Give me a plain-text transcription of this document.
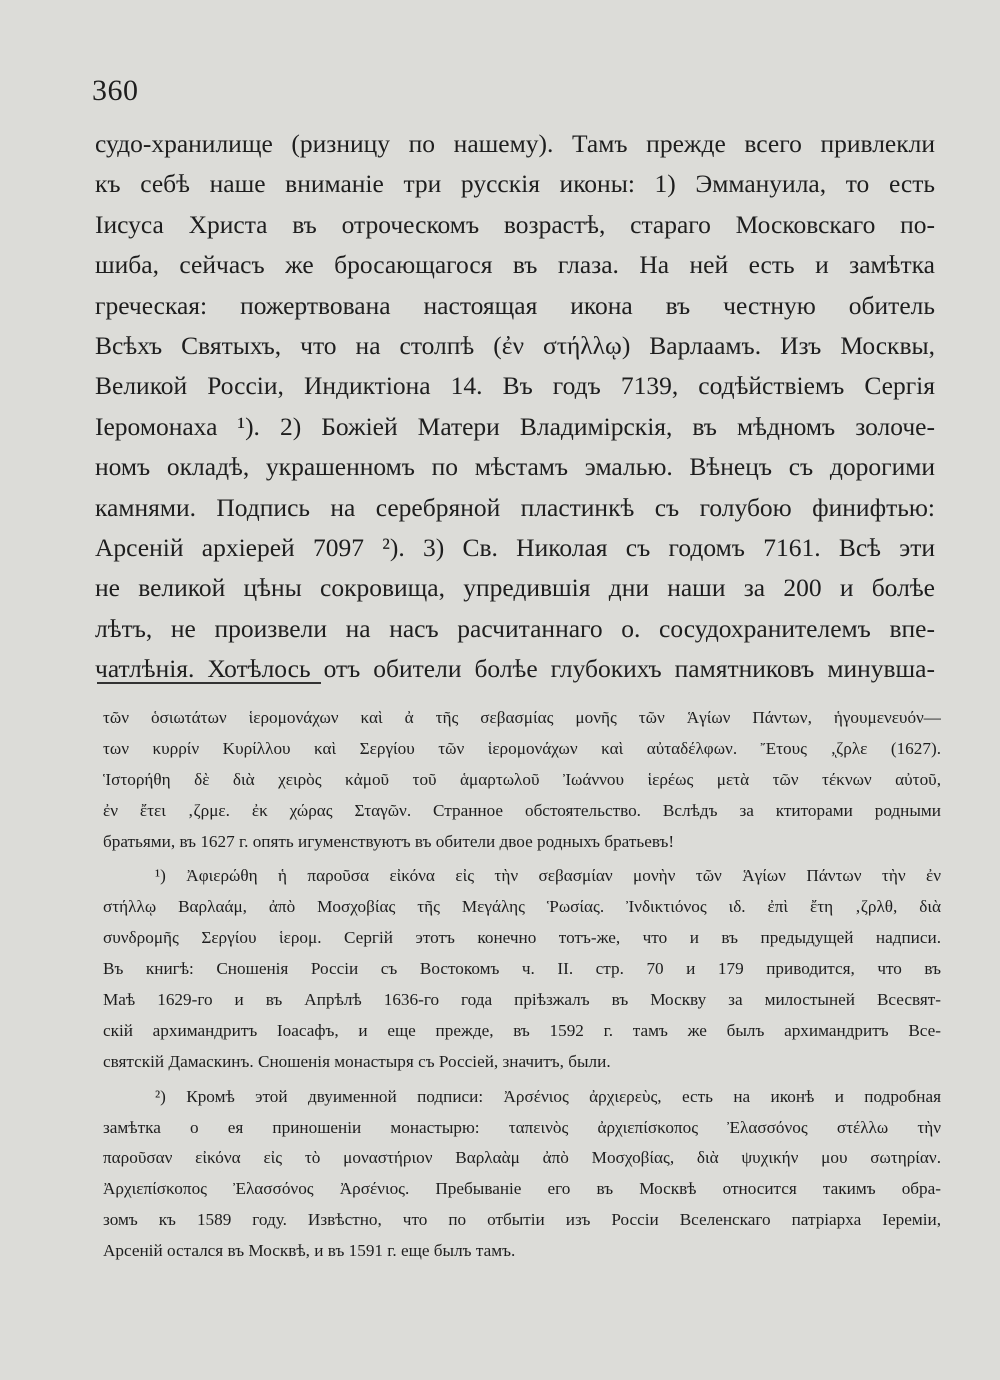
360
судо-хранилище (ризницу по нашему). Тамъ прежде всего привлекли
къ себѣ наше вниманіе три русскія иконы: 1) Эммануила, то есть
Іисуса Христа въ отроческомъ возрастѣ, стараго Московскаго по-
шиба, сейчасъ же бросающагося въ глаза. На ней есть и замѣтка
греческая: пожертвована настоящая икона въ честную обитель
Всѣхъ Святыхъ, что на столпѣ (ἐν στήλλῳ) Варлаамъ. Изъ Москвы,
Великой Россіи, Индиктіона 14. Въ годъ 7139, содѣйствіемъ Сергія
Іеромонаха ¹). 2) Божіей Матери Владимірскія, въ мѣдномъ золоче-
номъ окладѣ, украшенномъ по мѣстамъ эмалью. Вѣнецъ съ дорогими
камнями. Подпись на серебряной пластинкѣ съ голубою финифтью:
Арсеній архіерей 7097 ²). 3) Св. Николая съ годомъ 7161. Всѣ эти
не великой цѣны сокровища, упредившія дни наши за 200 и болѣе
лѣтъ, не произвели на насъ расчитаннаго о. сосудохранителемъ впе-
чатлѣнія. Хотѣлось отъ обители болѣе глубокихъ памятниковъ минувша-
τῶν ὁσιωτάτων ἱερομονάχων καὶ ἀ τῆς σεβασμίας μονῆς τῶν Ἁγίων Πάντων, ἡγουμενευόν—
των κυρρίν Κυρίλλου καὶ Σεργίου τῶν ἱερομονάχων καὶ αὐταδέλφων. Ἔτους ‚ͅζρλε (1627).
Ἱστορήθη δὲ διὰ χειρὸς κἀμοῦ τοῦ ἁμαρτωλοῦ Ἰωάννου ἱερέως μετὰ τῶν τέκνων αὐτοῦ,
ἐν ἔτει ‚ζρμε. ἐκ χώρας Σταγῶν. Странное обстоятельство. Вслѣдъ за ктиторами родными
братьями, въ 1627 г. опять игуменствуютъ въ обители двое родныхъ братьевъ!
¹) Ἀφιερώθη ἡ παροῦσα εἰκόνα εἰς τὴν σεβασμίαν μονὴν τῶν Ἁγίων Πάντων τὴν ἐν
στήλλῳ Βαρλαάμ, ἀπὸ Μοσχοβίας τῆς Μεγάλης Ῥωσίας. Ἰνδικτιόνος ιδ. ἐπὶ ἔτη ‚ζρλθ, διὰ
συνδρομῆς Σεργίου ἱερομ. Сергій этотъ конечно тотъ-же, что и въ предыдущей надписи.
Въ книгѣ: Сношенія Россіи съ Востокомъ ч. II. стр. 70 и 179 приводится, что въ
Маѣ 1629-го и въ Апрѣлѣ 1636-го года пріѣзжалъ въ Москву за милостыней Всесвят-
скій архимандритъ Іоасафъ, и еще прежде, въ 1592 г. тамъ же былъ архимандритъ Все-
святскій Дамаскинъ. Сношенія монастыря съ Россіей, значитъ, были.
²) Кромѣ этой двуименной подписи: Ἀρσένιος ἀρχιερεὺς, есть на иконѣ и подробная
замѣтка о ея приношеніи монастырю: ταπεινὸς ἀρχιεπίσκοπος Ἐλασσόνος στέλλω τὴν
παροῦσαν εἰκόνα εἰς τὸ μοναστήριον Βαρλαὰμ ἀπὸ Μοσχοβίας, διὰ ψυχικήν μου σωτηρίαν.
Ἀρχιεπίσκοπος Ἐλασσόνος Ἀρσένιος. Пребываніе его въ Москвѣ относится такимъ обра-
зомъ къ 1589 году. Извѣстно, что по отбытіи изъ Россіи Вселенскаго патріарха Іереміи,
Арсеній остался въ Москвѣ, и въ 1591 г. еще былъ тамъ.
